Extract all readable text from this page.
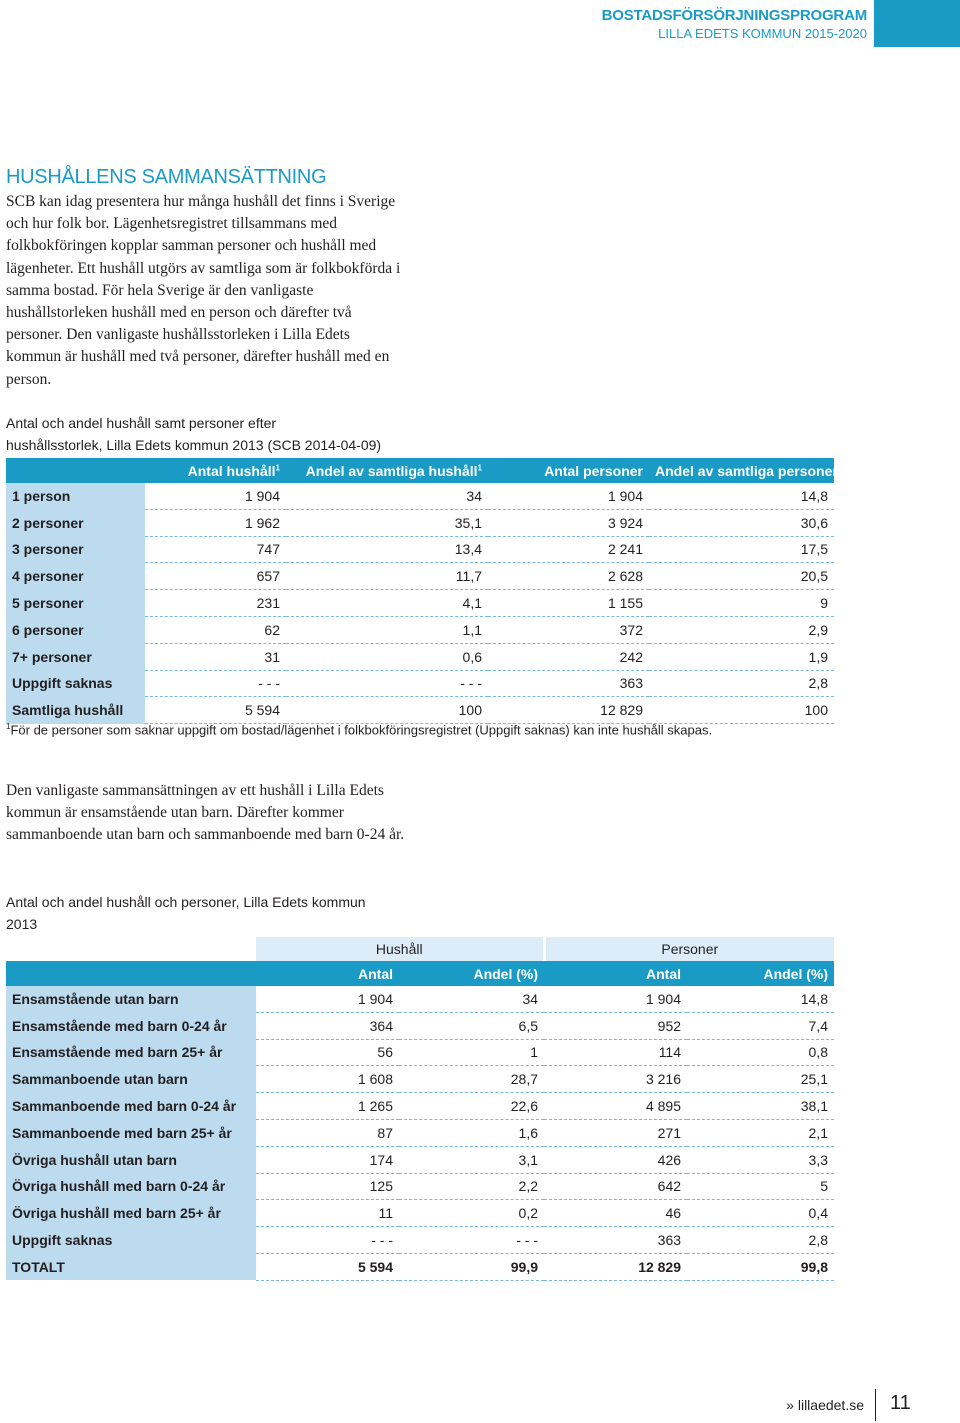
BOSTADSFÖRSÖRJNINGSPROGRAM
LILLA EDETS KOMMUN 2015-2020
HUSHÅLLENS SAMMANSÄTTNING

SCB kan idag presentera hur många hushåll det finns i Sverige och hur folk bor. Lägenhetsregistret tillsammans med folkbokföringen kopplar samman personer och hushåll med lägenheter. Ett hushåll utgörs av samtliga som är folkbokförda i samma bostad. För hela Sverige är den vanligaste hushållstorleken hushåll med en person och därefter två personer. Den vanligaste hushållsstorleken i Lilla Edets kommun är hushåll med två personer, därefter hushåll med en person.

Antal och andel hushåll samt personer efter
hushållsstorlek, Lilla Edets kommun 2013 (SCB 2014-04-09)

	Antal hushåll$^1$	Andel av samtliga hushåll$^1$	Antal personer	Andel av samtliga personer
1 person	1 904	34	1 904	14,8
2 personer	1 962	35,1	3 924	30,6
3 personer	747	13,4	2 241	17,5
4 personer	657	11,7	2 628	20,5
5 personer	231	4,1	1 155	9
6 personer	62	1,1	372	2,9
7+ personer	31	0,6	242	1,9
Uppgift saknas	- - -	- - -	363	2,8
Samtliga hushåll	5 594	100	12 829	100

$^1$För de personer som saknar uppgift om bostad/lägenhet i folkbokföringsregistret (Uppgift saknas) kan inte hushåll skapas.

Den vanligaste sammansättningen av ett hushåll i Lilla Edets kommun är ensamstående utan barn. Därefter kommer sammanboende utan barn och sammanboende med barn 0-24 år.

Antal och andel hushåll och personer, Lilla Edets kommun 2013

	Hushåll		Personer	
	Antal	Andel (%)	Antal	Andel (%)
Ensamstående utan barn	1 904	34	1 904	14,8
Ensamstående med barn 0-24 år	364	6,5	952	7,4
Ensamstående med barn 25+ år	56	1	114	0,8
Sammanboende utan barn	1 608	28,7	3 216	25,1
Sammanboende med barn 0-24 år	1 265	22,6	4 895	38,1
Sammanboende med barn 25+ år	87	1,6	271	2,1
Övriga hushåll utan barn	174	3,1	426	3,3
Övriga hushåll med barn 0-24 år	125	2,2	642	5
Övriga hushåll med barn 25+ år	11	0,2	46	0,4
Uppgift saknas	- - -	- - -	363	2,8
TOTALT	5 594	99,9	12 829	99,8
» lillaedet.se 11
